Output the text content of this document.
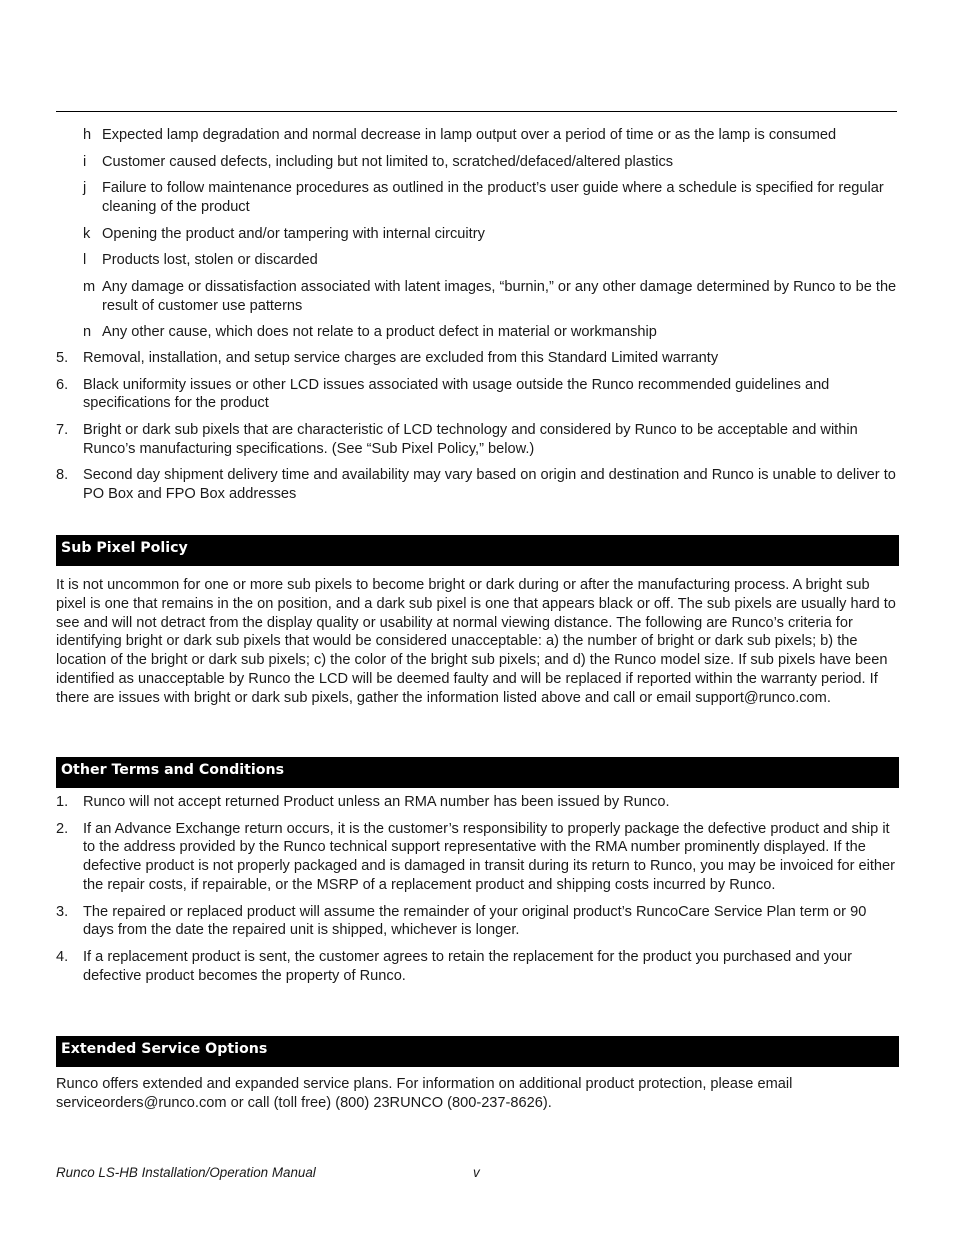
h Expected lamp degradation and normal decrease in lamp output over a period of time or as the lamp is consumed
i Customer caused defects, including but not limited to, scratched/defaced/altered plastics
j Failure to follow maintenance procedures as outlined in the product’s user guide where a schedule is specified for regular cleaning of the product
k Opening the product and/or tampering with internal circuitry
l Products lost, stolen or discarded
m Any damage or dissatisfaction associated with latent images, “burnin,” or any other damage determined by Runco to be the result of customer use patterns
n Any other cause, which does not relate to a product defect in material or workmanship
5. Removal, installation, and setup service charges are excluded from this Standard Limited warranty
6. Black uniformity issues or other LCD issues associated with usage outside the Runco recommended guidelines and specifications for the product
7. Bright or dark sub pixels that are characteristic of LCD technology and considered by Runco to be acceptable and within Runco’s manufacturing specifications. (See “Sub Pixel Policy,” below.)
8. Second day shipment delivery time and availability may vary based on origin and destination and Runco is unable to deliver to PO Box and FPO Box addresses
Sub Pixel Policy
It is not uncommon for one or more sub pixels to become bright or dark during or after the manufacturing process. A bright sub pixel is one that remains in the on position, and a dark sub pixel is one that appears black or off. The sub pixels are usually hard to see and will not detract from the display quality or usability at normal viewing distance. The following are Runco’s criteria for identifying bright or dark sub pixels that would be considered unacceptable: a) the number of bright or dark sub pixels; b) the location of the bright or dark sub pixels; c) the color of the bright sub pixels; and d) the Runco model size. If sub pixels have been identified as unacceptable by Runco the LCD will be deemed faulty and will be replaced if reported within the warranty period. If there are issues with bright or dark sub pixels, gather the information listed above and call or email support@runco.com.
Other Terms and Conditions
1. Runco will not accept returned Product unless an RMA number has been issued by Runco.
2. If an Advance Exchange return occurs, it is the customer’s responsibility to properly package the defective product and ship it to the address provided by the Runco technical support representative with the RMA number prominently displayed. If the defective product is not properly packaged and is damaged in transit during its return to Runco, you may be invoiced for either the repair costs, if repairable, or the MSRP of a replacement product and shipping costs incurred by Runco.
3. The repaired or replaced product will assume the remainder of your original product’s RuncoCare Service Plan term or 90 days from the date the repaired unit is shipped, whichever is longer.
4. If a replacement product is sent, the customer agrees to retain the replacement for the product you purchased and your defective product becomes the property of Runco.
Extended Service Options
Runco offers extended and expanded service plans. For information on additional product protection, please email serviceorders@runco.com or call (toll free) (800) 23RUNCO (800-237-8626).
Runco LS-HB Installation/Operation Manual	v
